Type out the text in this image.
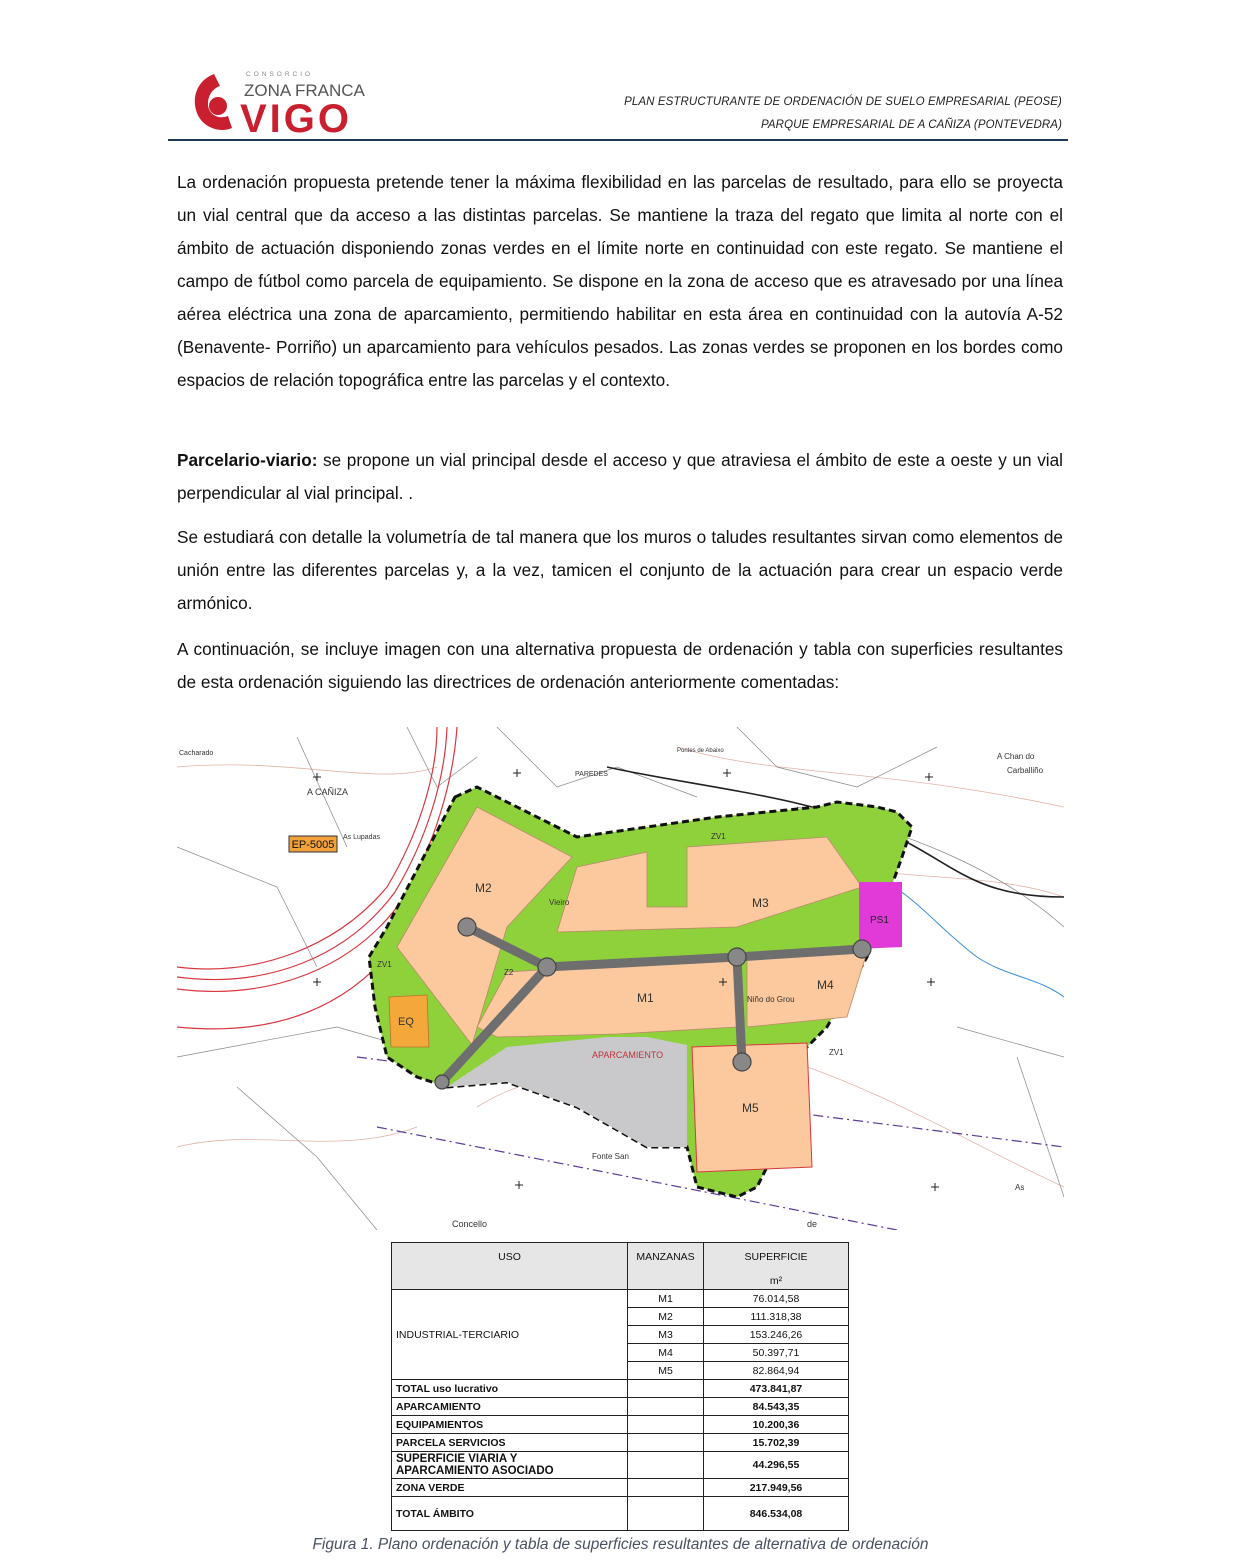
CONSORCIO
ZONA FRANCA
VIGO	PLAN ESTRUCTURANTE DE ORDENACIÓN DE SUELO EMPRESARIAL (PEOSE)
PARQUE EMPRESARIAL DE A CAÑIZA (PONTEVEDRA)

La ordenación propuesta pretende tener la máxima flexibilidad en las parcelas de resultado, para ello se proyecta un vial central que da acceso a las distintas parcelas. Se mantiene la traza del regato que limita al norte con el ámbito de actuación disponiendo zonas verdes en el límite norte en continuidad con este regato. Se mantiene el campo de fútbol como parcela de equipamiento. Se dispone en la zona de acceso que es atravesado por una línea aérea eléctrica una zona de aparcamiento, permitiendo habilitar en esta área en continuidad con la autovía A-52 (Benavente- Porriño) un aparcamiento para vehículos pesados. Las zonas verdes se proponen en los bordes como espacios de relación topográfica entre las parcelas y el contexto.

Parcelario-viario: se propone un vial principal desde el acceso y que atraviesa el ámbito de este a oeste y un vial perpendicular al vial principal. .

Se estudiará con detalle la volumetría de tal manera que los muros o taludes resultantes sirvan como elementos de unión entre las diferentes parcelas y, a la vez, tamicen el conjunto de la actuación para crear un espacio verde armónico.

A continuación, se incluye imagen con una alternativa propuesta de ordenación y tabla con superficies resultantes de esta ordenación siguiendo las directrices de ordenación anteriormente comentadas:

EP-5005
M2
M3
M1
M4
M5
PS1
EQ
ZV1
ZV1
ZV1
Z2
APARCAMIENTO
A CAÑIZA
Cacharado
As Lupadas
PAREDES
A Chan do
Carballiño
Vieiro
Niño do Grou
Fonte San
Concello	de
As
Pontes de Abaixo
USO	MANZANAS	SUPERFICIE

m²
INDUSTRIAL-TERCIARIO	M1	76.014,58
	M2	111.318,38
	M3	153.246,26
	M4	50.397,71
	M5	82.864,94
TOTAL uso lucrativo		473.841,87
APARCAMIENTO		84.543,35
EQUIPAMIENTOS		10.200,36
PARCELA SERVICIOS		15.702,39
SUPERFICIE VIARIA Y
APARCAMIENTO ASOCIADO		44.296,55
ZONA VERDE		217.949,56
TOTAL ÁMBITO		846.534,08
Figura 1. Plano ordenación y tabla de superficies resultantes de alternativa de ordenación
